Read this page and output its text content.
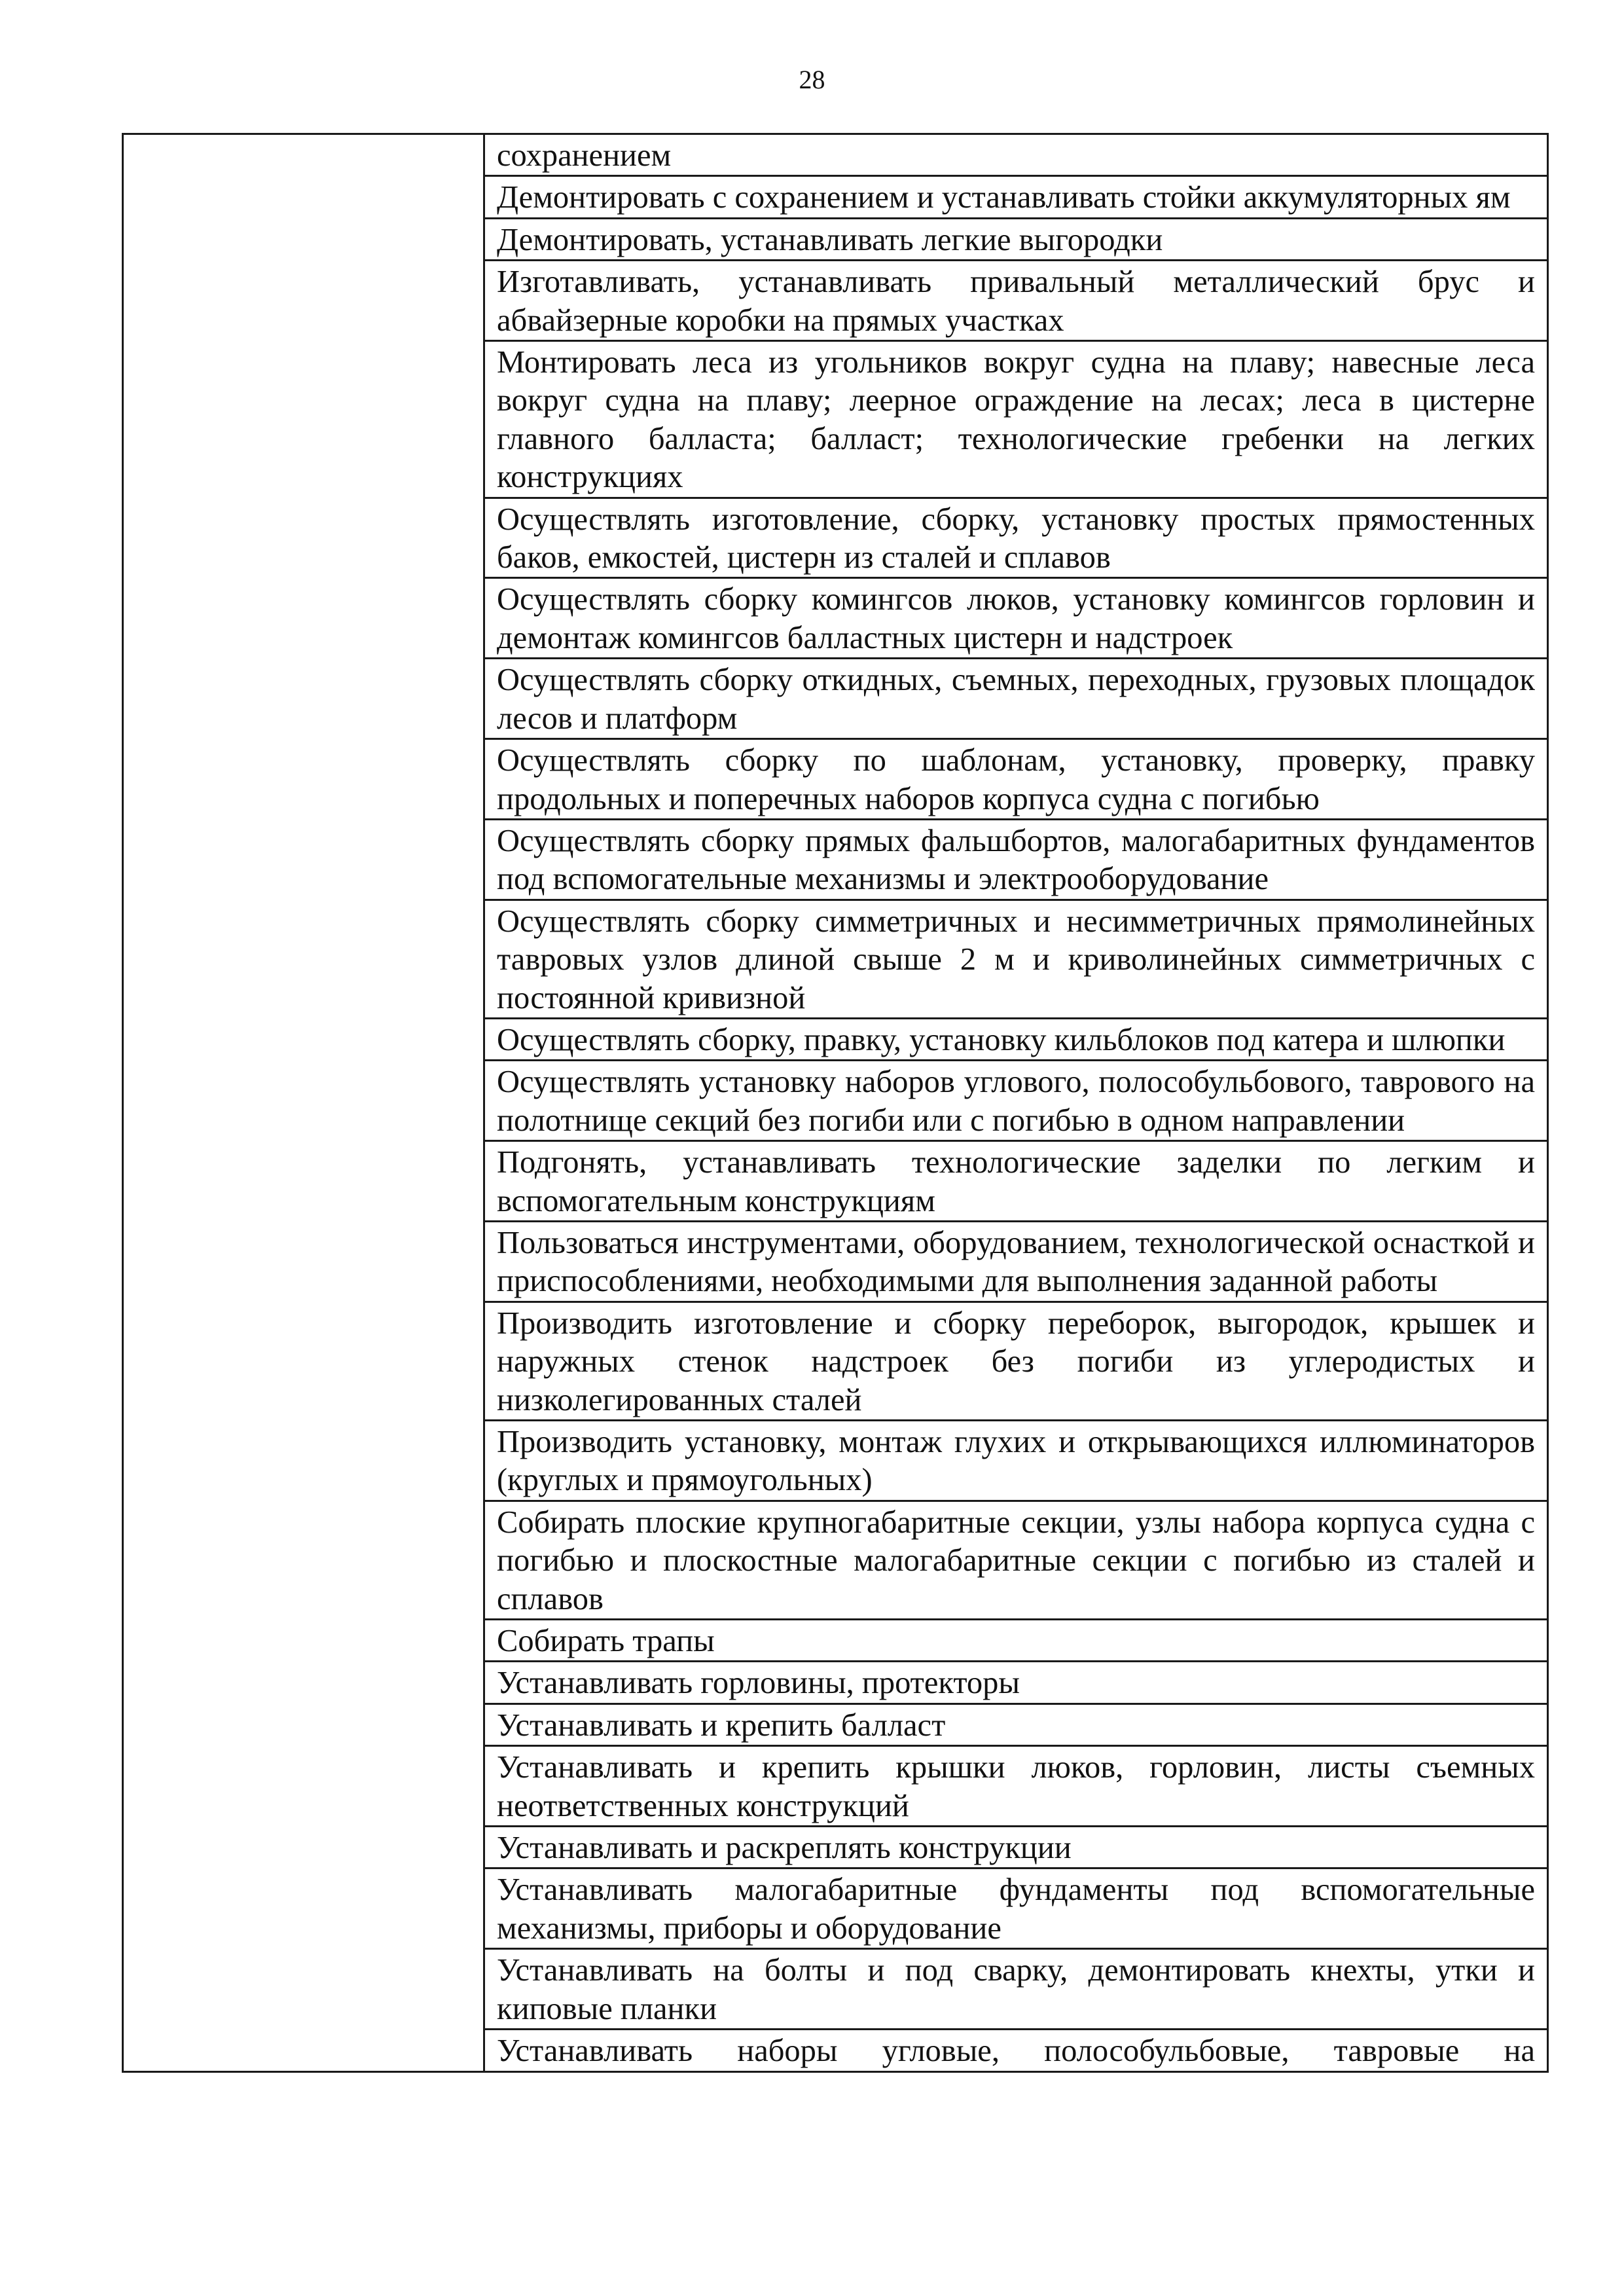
28

сохранением

Демонтировать с сохранением и устанавливать стойки аккумуляторных ям

Демонтировать, устанавливать легкие выгородки

Изготавливать, устанавливать привальный металлический брус и абвайзерные коробки на прямых участках

Монтировать леса из угольников вокруг судна на плаву; навесные леса вокруг судна на плаву; леерное ограждение на лесах; леса в цистерне главного балласта; балласт; технологические гребенки на легких конструкциях

Осуществлять изготовление, сборку, установку простых прямостенных баков, емкостей, цистерн из сталей и сплавов

Осуществлять сборку комингсов люков, установку комингсов горловин и демонтаж комингсов балластных цистерн и надстроек

Осуществлять сборку откидных, съемных, переходных, грузовых площадок лесов и платформ

Осуществлять сборку по шаблонам, установку, проверку, правку продольных и поперечных наборов корпуса судна с погибью

Осуществлять сборку прямых фальшбортов, малогабаритных фундаментов под вспомогательные механизмы и электрооборудование

Осуществлять сборку симметричных и несимметричных прямолинейных тавровых узлов длиной свыше 2 м и криволинейных симметричных с постоянной кривизной

Осуществлять сборку, правку, установку кильблоков под катера и шлюпки

Осуществлять установку наборов углового, полособульбового, таврового на полотнище секций без погиби или с погибью в одном направлении

Подгонять, устанавливать технологические заделки по легким и вспомогательным конструкциям

Пользоваться инструментами, оборудованием, технологической оснасткой и приспособлениями, необходимыми для выполнения заданной работы

Производить изготовление и сборку переборок, выгородок, крышек и наружных стенок надстроек без погиби из углеродистых и низколегированных сталей

Производить установку, монтаж глухих и открывающихся иллюминаторов (круглых и прямоугольных)

Собирать плоские крупногабаритные секции, узлы набора корпуса судна с погибью и плоскостные малогабаритные секции с погибью из сталей и сплавов

Собирать трапы

Устанавливать горловины, протекторы

Устанавливать и крепить балласт

Устанавливать и крепить крышки люков, горловин, листы съемных неответственных конструкций

Устанавливать и раскреплять конструкции

Устанавливать малогабаритные фундаменты под вспомогательные механизмы, приборы и оборудование

Устанавливать на болты и под сварку, демонтировать кнехты, утки и киповые планки

Устанавливать наборы угловые, полособульбовые, тавровые на
